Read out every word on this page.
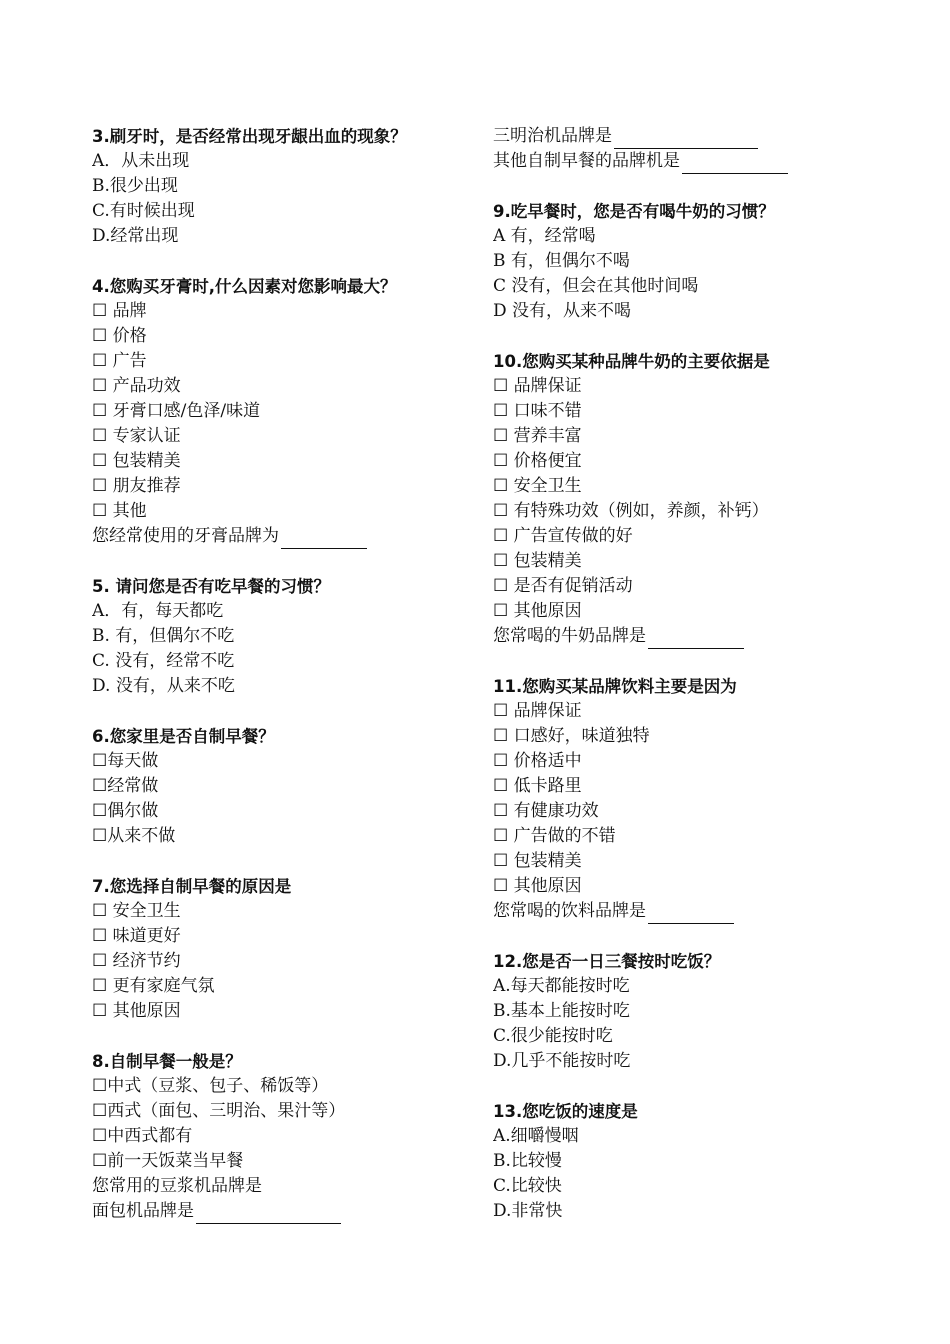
3.刷牙时，是否经常出现牙龈出血的现象？
A．从未出现
B.很少出现
C.有时候出现
D.经常出现
4.您购买牙膏时,什么因素对您影响最大？
☐ 品牌
☐ 价格
☐ 广告
☐ 产品功效
☐ 牙膏口感/色泽/味道
☐ 专家认证
☐ 包装精美
☐ 朋友推荐
☐ 其他
您经常使用的牙膏品牌为
5. 请问您是否有吃早餐的习惯？
A．有，每天都吃
B. 有，但偶尔不吃
C. 没有，经常不吃
D. 没有，从来不吃
6.您家里是否自制早餐？
☐每天做
☐经常做
☐偶尔做
☐从来不做
7.您选择自制早餐的原因是
☐ 安全卫生
☐ 味道更好
☐ 经济节约
☐ 更有家庭气氛
☐ 其他原因
8.自制早餐一般是？
☐中式（豆浆、包子、稀饭等）
☐西式（面包、三明治、果汁等）
☐中西式都有
☐前一天饭菜当早餐
您常用的豆浆机品牌是
面包机品牌是
三明治机品牌是
其他自制早餐的品牌机是
9.吃早餐时，您是否有喝牛奶的习惯？
A 有，经常喝
B 有，但偶尔不喝
C 没有，但会在其他时间喝
D 没有，从来不喝
10.您购买某种品牌牛奶的主要依据是
☐ 品牌保证
☐ 口味不错
☐ 营养丰富
☐ 价格便宜
☐ 安全卫生
☐ 有特殊功效（例如，养颜，补钙）
☐ 广告宣传做的好
☐ 包装精美
☐ 是否有促销活动
☐ 其他原因
您常喝的牛奶品牌是
11.您购买某品牌饮料主要是因为
☐ 品牌保证
☐ 口感好，味道独特
☐ 价格适中
☐ 低卡路里
☐ 有健康功效
☐ 广告做的不错
☐ 包装精美
☐ 其他原因
您常喝的饮料品牌是
12.您是否一日三餐按时吃饭？
A.每天都能按时吃
B.基本上能按时吃
C.很少能按时吃
D.几乎不能按时吃
13.您吃饭的速度是
A.细嚼慢咽
B.比较慢
C.比较快
D.非常快
